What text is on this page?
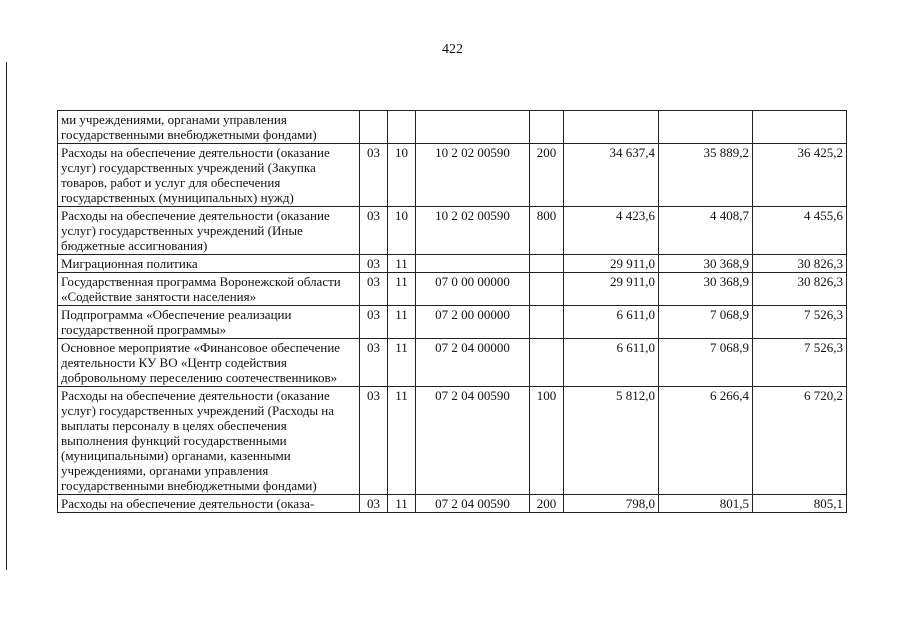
422
ми учреждениями, органами управления государственными внебюджетными фондами)							
Расходы на обеспечение деятельности (оказание услуг) государственных учреждений (Закупка товаров, работ и услуг для обеспечения государственных (муниципальных) нужд)	03	10	10 2 02 00590	200	34 637,4	35 889,2	36 425,2
Расходы на обеспечение деятельности (оказание услуг) государственных учреждений (Иные бюджетные ассигнования)	03	10	10 2 02 00590	800	4 423,6	4 408,7	4 455,6
Миграционная политика	03	11			29 911,0	30 368,9	30 826,3
Государственная программа Воронежской области «Содействие занятости населения»	03	11	07 0 00 00000		29 911,0	30 368,9	30 826,3
Подпрограмма «Обеспечение реализации государственной программы»	03	11	07 2 00 00000		6 611,0	7 068,9	7 526,3
Основное мероприятие «Финансовое обеспечение деятельности КУ ВО «Центр содействия добровольному переселению соотечественников»	03	11	07 2 04 00000		6 611,0	7 068,9	7 526,3
Расходы на обеспечение деятельности (оказание услуг) государственных учреждений (Расходы на выплаты персоналу в целях обеспечения выполнения функций государственными (муниципальными) органами, казенными учреждениями, органами управления государственными внебюджетными фондами)	03	11	07 2 04 00590	100	5 812,0	6 266,4	6 720,2
Расходы на обеспечение деятельности (оказа-	03	11	07 2 04 00590	200	798,0	801,5	805,1
